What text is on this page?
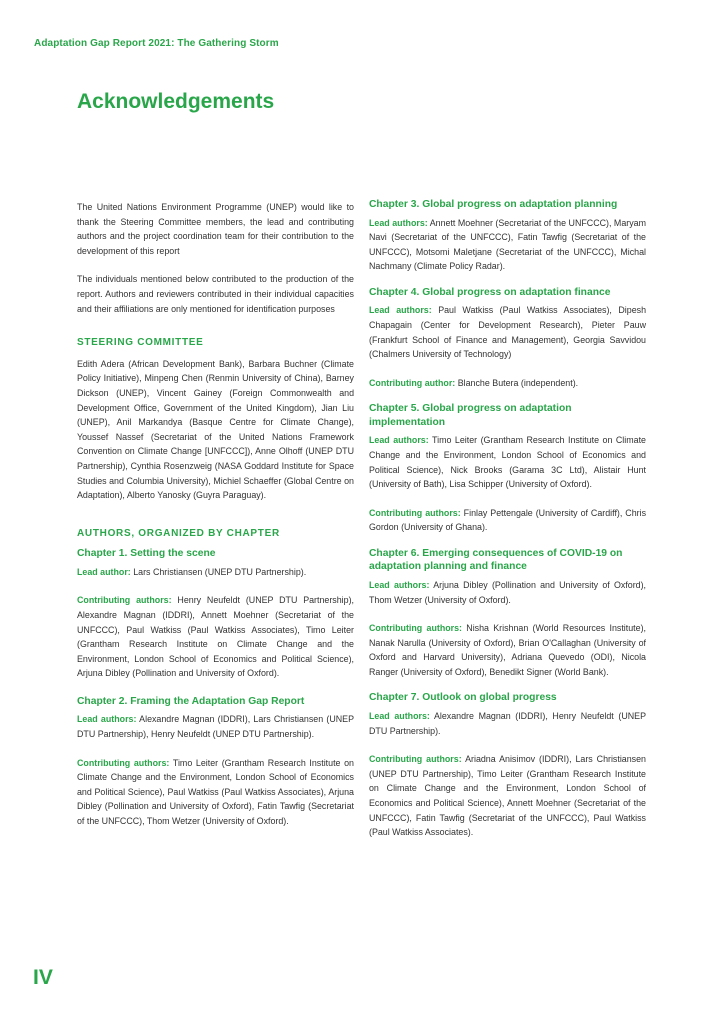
Adaptation Gap Report 2021: The Gathering Storm
Acknowledgements

The United Nations Environment Programme (UNEP) would like to thank the Steering Committee members, the lead and contributing authors and the project coordination team for their contribution to the development of this report

The individuals mentioned below contributed to the production of the report. Authors and reviewers contributed in their individual capacities and their affiliations are only mentioned for identification purposes

STEERING COMMITTEE

Edith Adera (African Development Bank), Barbara Buchner (Climate Policy Initiative), Minpeng Chen (Renmin University of China), Barney Dickson (UNEP), Vincent Gainey (Foreign Commonwealth and Development Office, Government of the United Kingdom), Jian Liu (UNEP), Anil Markandya (Basque Centre for Climate Change), Youssef Nassef (Secretariat of the United Nations Framework Convention on Climate Change [UNFCCC]), Anne Olhoff (UNEP DTU Partnership), Cynthia Rosenzweig (NASA Goddard Institute for Space Studies and Columbia University), Michiel Schaeffer (Global Centre on Adaptation), Alberto Yanosky (Guyra Paraguay).

AUTHORS, ORGANIZED BY CHAPTER
Chapter 1. Setting the scene

Lead author: Lars Christiansen (UNEP DTU Partnership).

Contributing authors: Henry Neufeldt (UNEP DTU Partnership), Alexandre Magnan (IDDRI), Annett Moehner (Secretariat of the UNFCCC), Paul Watkiss (Paul Watkiss Associates), Timo Leiter (Grantham Research Institute on Climate Change and the Environment, London School of Economics and Political Science), Arjuna Dibley (Pollination and University of Oxford).

Chapter 2. Framing the Adaptation Gap Report

Lead authors: Alexandre Magnan (IDDRI), Lars Christiansen (UNEP DTU Partnership), Henry Neufeldt (UNEP DTU Partnership).

Contributing authors: Timo Leiter (Grantham Research Institute on Climate Change and the Environment, London School of Economics and Political Science), Paul Watkiss (Paul Watkiss Associates), Arjuna Dibley (Pollination and University of Oxford), Fatin Tawfig (Secretariat of the UNFCCC), Thom Wetzer (University of Oxford).

Chapter 3. Global progress on adaptation planning

Lead authors: Annett Moehner (Secretariat of the UNFCCC), Maryam Navi (Secretariat of the UNFCCC), Fatin Tawfig (Secretariat of the UNFCCC), Motsomi Maletjane (Secretariat of the UNFCCC), Michal Nachmany (Climate Policy Radar).

Chapter 4. Global progress on adaptation finance

Lead authors: Paul Watkiss (Paul Watkiss Associates), Dipesh Chapagain (Center for Development Research), Pieter Pauw (Frankfurt School of Finance and Management), Georgia Savvidou (Chalmers University of Technology)

Contributing author: Blanche Butera (independent).

Chapter 5. Global progress on adaptation implementation

Lead authors: Timo Leiter (Grantham Research Institute on Climate Change and the Environment, London School of Economics and Political Science), Nick Brooks (Garama 3C Ltd), Alistair Hunt (University of Bath), Lisa Schipper (University of Oxford).

Contributing authors: Finlay Pettengale (University of Cardiff), Chris Gordon (University of Ghana).

Chapter 6. Emerging consequences of COVID-19 on adaptation planning and finance

Lead authors: Arjuna Dibley (Pollination and University of Oxford), Thom Wetzer (University of Oxford).

Contributing authors: Nisha Krishnan (World Resources Institute), Nanak Narulla (University of Oxford), Brian O'Callaghan (University of Oxford and Harvard University), Adriana Quevedo (ODI), Nicola Ranger (University of Oxford), Benedikt Signer (World Bank).

Chapter 7. Outlook on global progress

Lead authors: Alexandre Magnan (IDDRI), Henry Neufeldt (UNEP DTU Partnership).

Contributing authors: Ariadna Anisimov (IDDRI), Lars Christiansen (UNEP DTU Partnership), Timo Leiter (Grantham Research Institute on Climate Change and the Environment, London School of Economics and Political Science), Annett Moehner (Secretariat of the UNFCCC), Fatin Tawfig (Secretariat of the UNFCCC), Paul Watkiss (Paul Watkiss Associates).

IV
